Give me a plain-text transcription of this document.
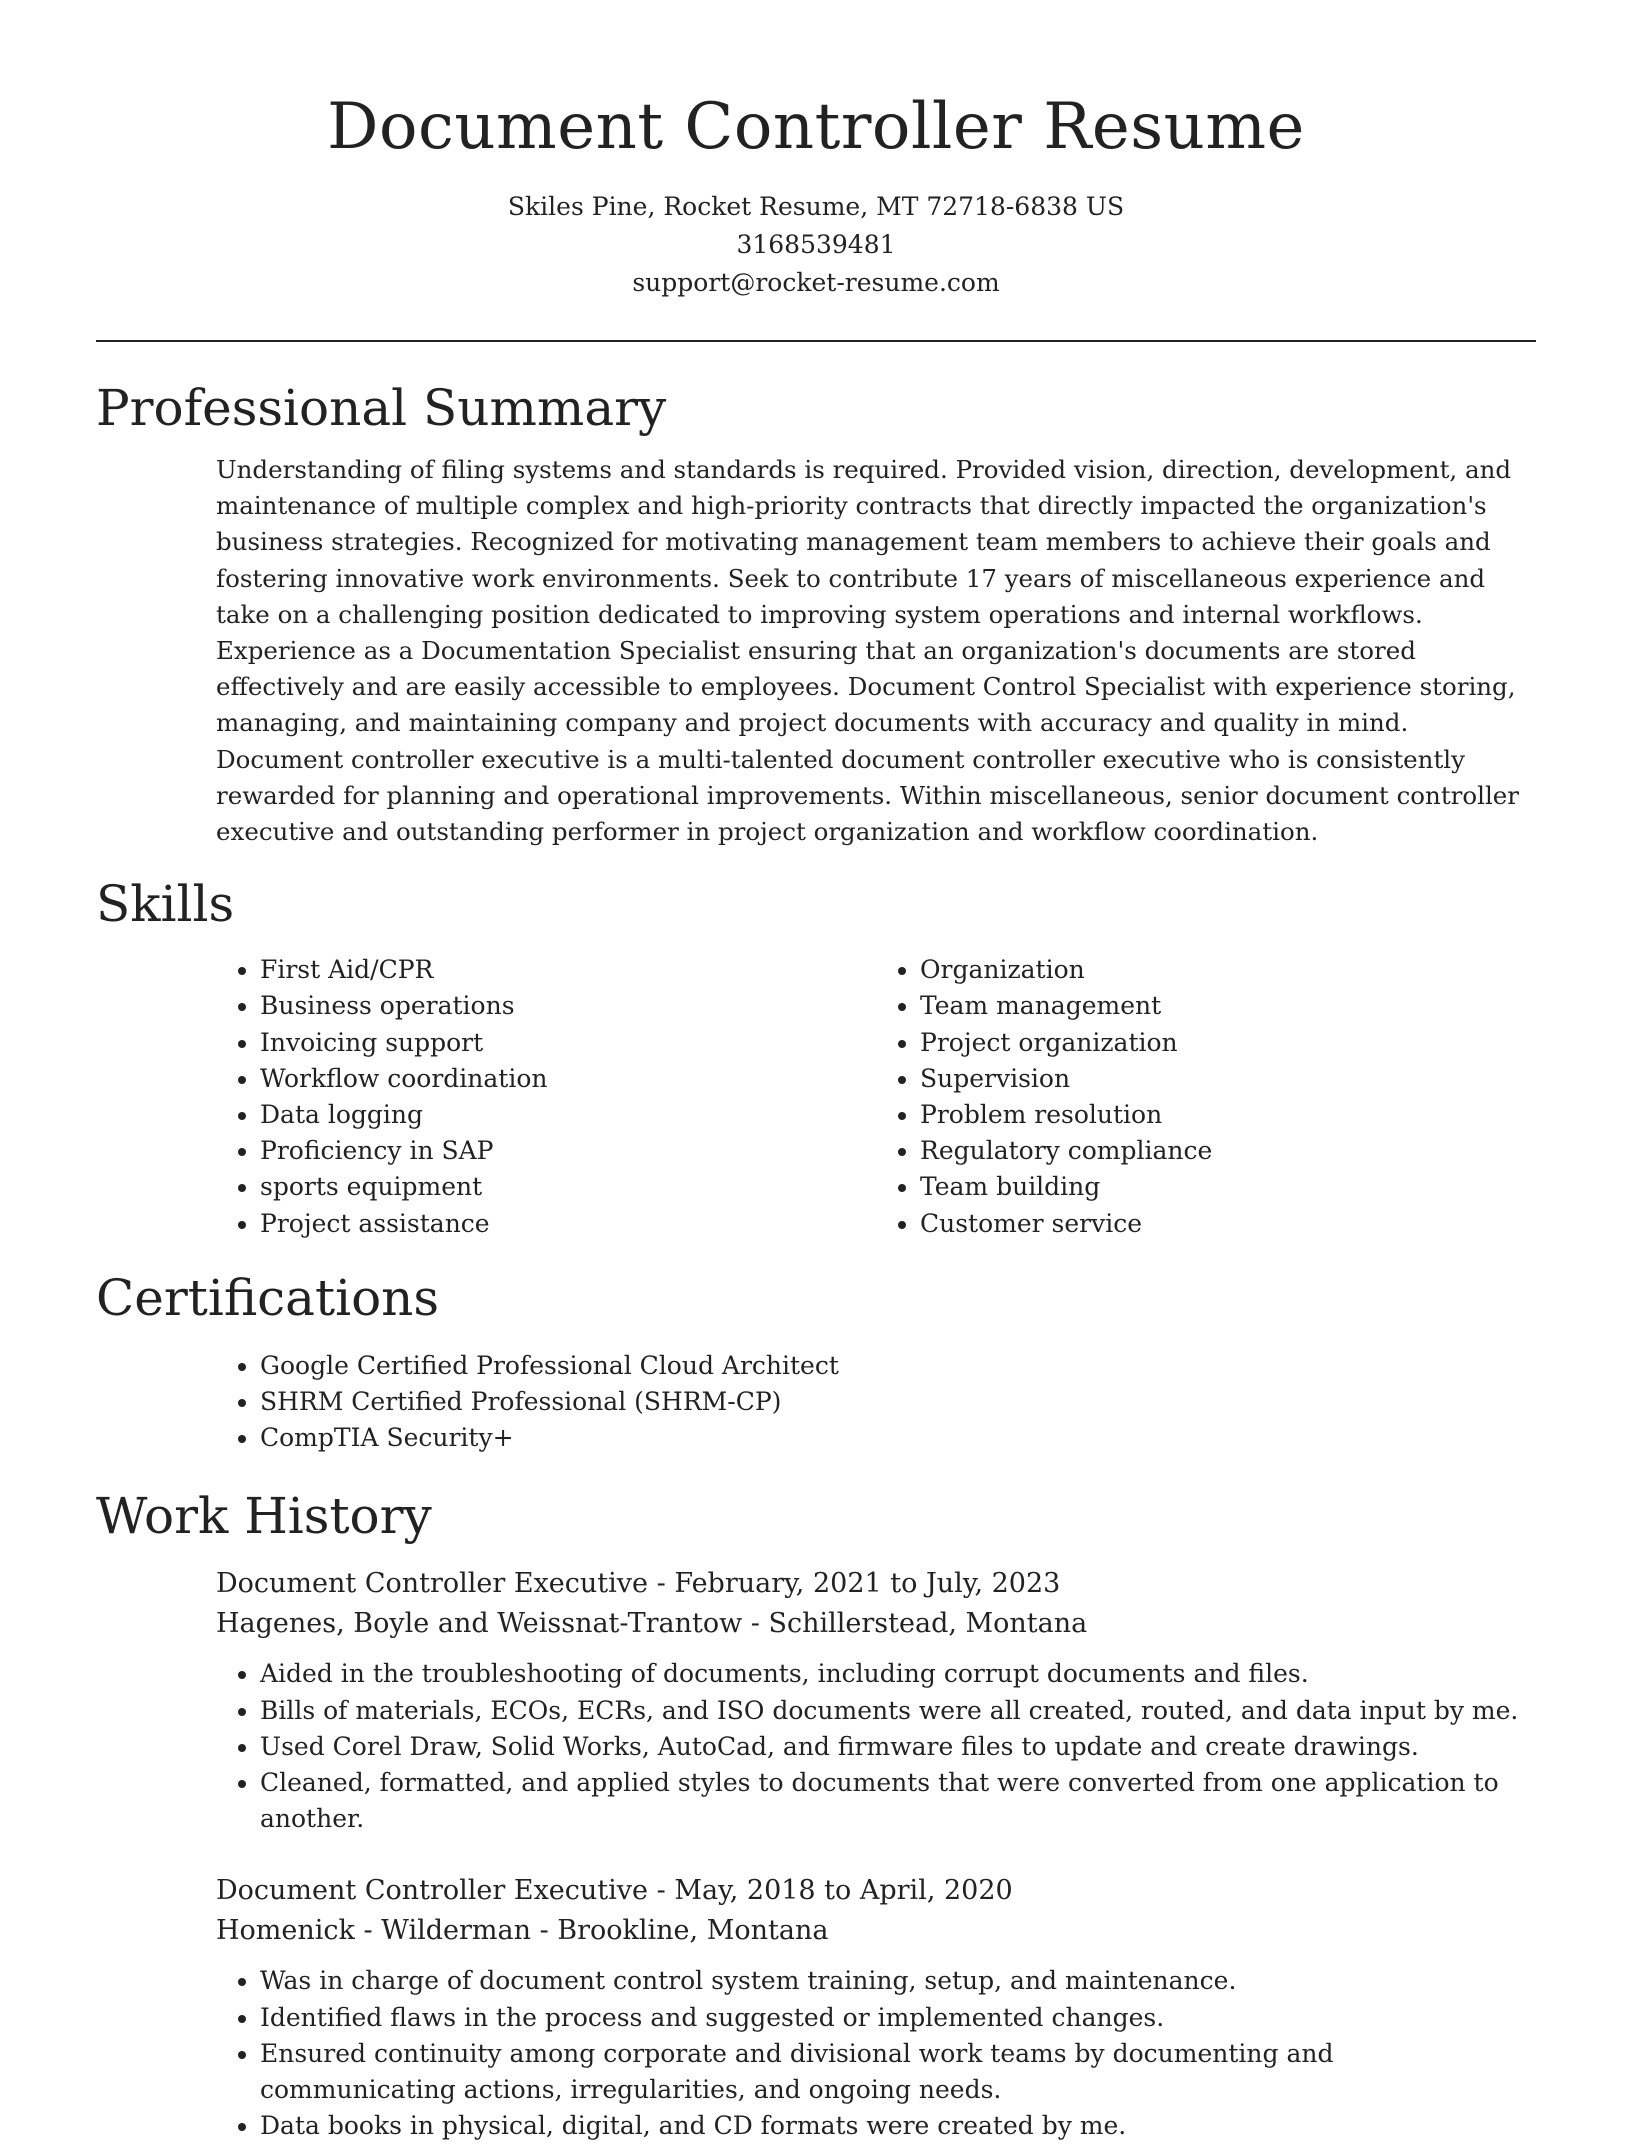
Document Controller Resume

Skiles Pine, Rocket Resume, MT 72718-6838 US

3168539481

support@rocket-resume.com

Professional Summary

Understanding of filing systems and standards is required. Provided vision, direction, development, and maintenance of multiple complex and high-priority contracts that directly impacted the organization's business strategies. Recognized for motivating management team members to achieve their goals and fostering innovative work environments. Seek to contribute 17 years of miscellaneous experience and take on a challenging position dedicated to improving system operations and internal workflows. Experience as a Documentation Specialist ensuring that an organization's documents are stored effectively and are easily accessible to employees. Document Control Specialist with experience storing, managing, and maintaining company and project documents with accuracy and quality in mind. Document controller executive is a multi-talented document controller executive who is consistently rewarded for planning and operational improvements. Within miscellaneous, senior document controller executive and outstanding performer in project organization and workflow coordination.

Skills
• First Aid/CPR
• Business operations
• Invoicing support
• Workflow coordination
• Data logging
• Proficiency in SAP
• sports equipment
• Project assistance
• Organization
• Team management
• Project organization
• Supervision
• Problem resolution
• Regulatory compliance
• Team building
• Customer service
Certifications
• Google Certified Professional Cloud Architect
• SHRM Certified Professional (SHRM-CP)
• CompTIA Security+
Work History

Document Controller Executive - February, 2021 to July, 2023

Hagenes, Boyle and Weissnat-Trantow - Schillerstead, Montana

• Aided in the troubleshooting of documents, including corrupt documents and files.
• Bills of materials, ECOs, ECRs, and ISO documents were all created, routed, and data input by me.
• Used Corel Draw, Solid Works, AutoCad, and firmware files to update and create drawings.
• Cleaned, formatted, and applied styles to documents that were converted from one application to another.

Document Controller Executive - May, 2018 to April, 2020

Homenick - Wilderman - Brookline, Montana

• Was in charge of document control system training, setup, and maintenance.
• Identified flaws in the process and suggested or implemented changes.
• Ensured continuity among corporate and divisional work teams by documenting and communicating actions, irregularities, and ongoing needs.
• Data books in physical, digital, and CD formats were created by me.
